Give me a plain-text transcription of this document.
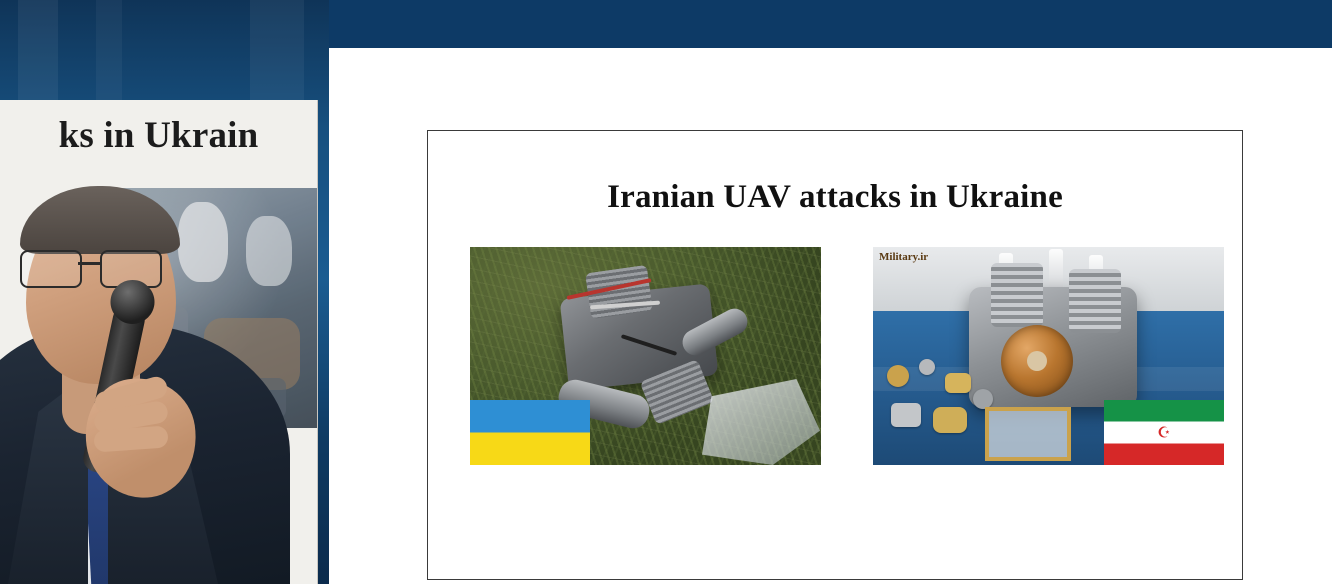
ks in Ukrain
Iranian UAV attacks in Ukraine
Military.ir
☪
